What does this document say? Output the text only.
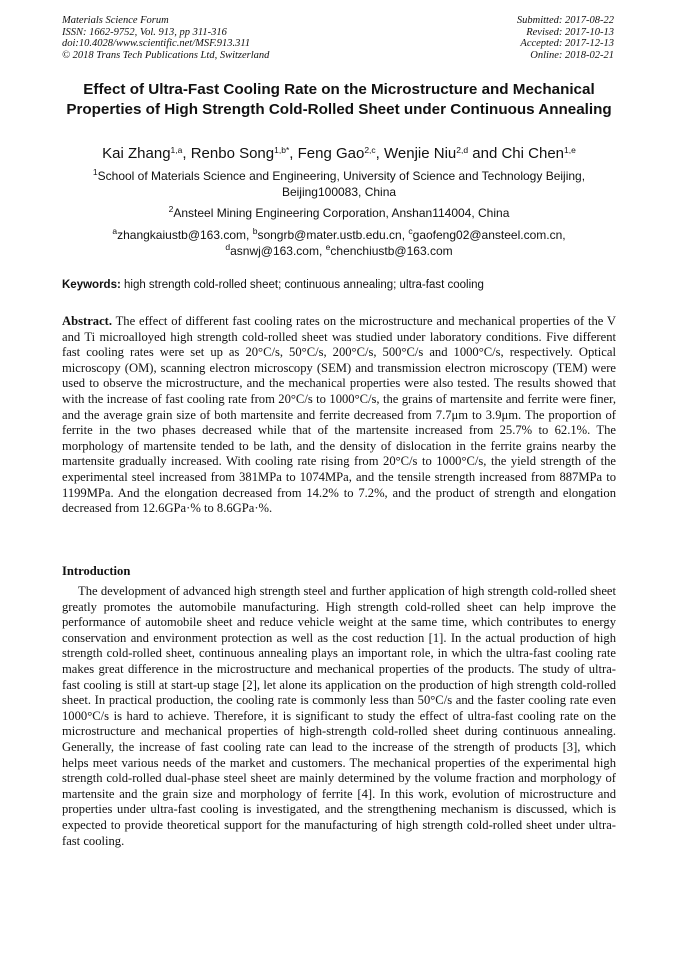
Materials Science Forum
ISSN: 1662-9752, Vol. 913, pp 311-316
doi:10.4028/www.scientific.net/MSF.913.311
© 2018 Trans Tech Publications Ltd, Switzerland
Submitted: 2017-08-22
Revised: 2017-10-13
Accepted: 2017-12-13
Online: 2018-02-21
Effect of Ultra-Fast Cooling Rate on the Microstructure and Mechanical Properties of High Strength Cold-Rolled Sheet under Continuous Annealing
Kai Zhang$^{1,a}$, Renbo Song$^{1,b*}$, Feng Gao$^{2,c}$, Wenjie Niu$^{2,d}$ and Chi Chen$^{1,e}$
$^1$School of Materials Science and Engineering, University of Science and Technology Beijing, Beijing100083, China
$^2$Ansteel Mining Engineering Corporation, Anshan114004, China
$^a$zhangkaiustb@163.com, $^b$songrb@mater.ustb.edu.cn, $^c$gaofeng02@ansteel.com.cn,
$^d$asnwj@163.com, $^e$chenchiustb@163.com
Keywords: high strength cold-rolled sheet; continuous annealing; ultra-fast cooling
Abstract. The effect of different fast cooling rates on the microstructure and mechanical properties of the V and Ti microalloyed high strength cold-rolled sheet was studied under laboratory conditions. Five different fast cooling rates were set up as 20°C/s, 50°C/s, 200°C/s, 500°C/s and 1000°C/s, respectively. Optical microscopy (OM), scanning electron microscopy (SEM) and transmission electron microscopy (TEM) were used to observe the microstructure, and the mechanical properties were also tested. The results showed that with the increase of fast cooling rate from 20°C/s to 1000°C/s, the grains of martensite and ferrite were finer, and the average grain size of both martensite and ferrite decreased from 7.7μm to 3.9μm. The proportion of ferrite in the two phases decreased while that of the martensite increased from 25.7% to 62.1%. The morphology of martensite tended to be lath, and the density of dislocation in the ferrite grains nearby the martensite gradually increased. With cooling rate rising from 20°C/s to 1000°C/s, the yield strength of the experimental steel increased from 381MPa to 1074MPa, and the tensile strength increased from 887MPa to 1199MPa. And the elongation decreased from 14.2% to 7.2%, and the product of strength and elongation decreased from 12.6GPa·% to 8.6GPa·%.
Introduction
The development of advanced high strength steel and further application of high strength cold-rolled sheet greatly promotes the automobile manufacturing. High strength cold-rolled sheet can help improve the performance of automobile sheet and reduce vehicle weight at the same time, which contributes to energy conservation and environment protection as well as the cost reduction [1]. In the actual production of high strength cold-rolled sheet, continuous annealing plays an important role, in which the ultra-fast cooling rate makes great difference in the microstructure and mechanical properties of the products. The study of ultra-fast cooling is still at start-up stage [2], let alone its application on the production of high strength cold-rolled sheet. In practical production, the cooling rate is commonly less than 50°C/s and the faster cooling rate even 1000°C/s is hard to achieve. Therefore, it is significant to study the effect of ultra-fast cooling rate on the microstructure and mechanical properties of high-strength cold-rolled sheet during continuous annealing. Generally, the increase of fast cooling rate can lead to the increase of the strength of products [3], which helps meet various needs of the market and customers. The mechanical properties of the experimental high strength cold-rolled dual-phase steel sheet are mainly determined by the volume fraction and morphology of martensite and the grain size and morphology of ferrite [4]. In this work, evolution of microstructure and properties under ultra-fast cooling is investigated, and the strengthening mechanism is discussed, which is expected to provide theoretical support for the manufacturing of high strength cold-rolled sheet under ultra-fast cooling.
